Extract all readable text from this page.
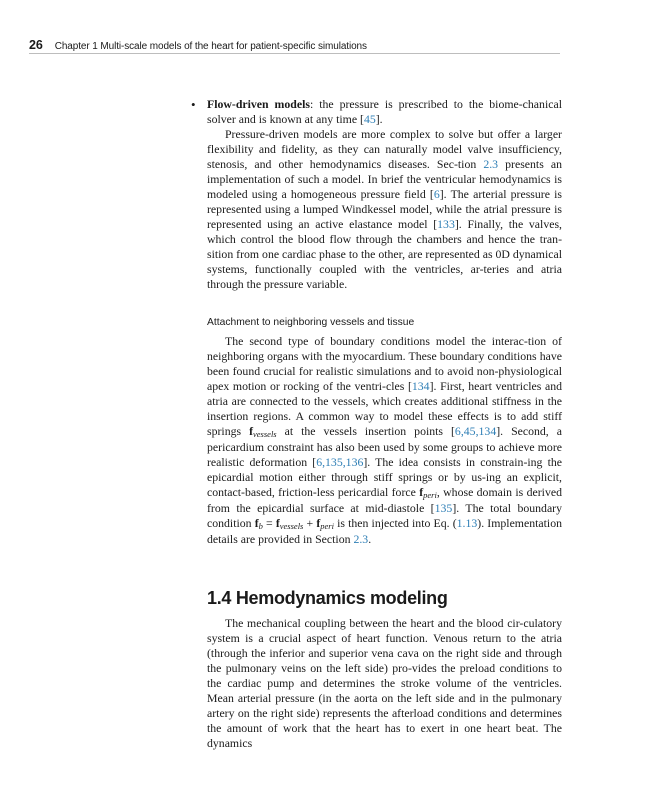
26 Chapter 1 Multi-scale models of the heart for patient-specific simulations
• Flow-driven models: the pressure is prescribed to the biome-chanical solver and is known at any time [45].

Pressure-driven models are more complex to solve but offer a larger flexibility and fidelity, as they can naturally model valve insufficiency, stenosis, and other hemodynamics diseases. Sec-tion 2.3 presents an implementation of such a model. In brief the ventricular hemodynamics is modeled using a homogeneous pressure field [6]. The arterial pressure is represented using a lumped Windkessel model, while the atrial pressure is represented using an active elastance model [133]. Finally, the valves, which control the blood flow through the chambers and hence the tran-sition from one cardiac phase to the other, are represented as 0D dynamical systems, functionally coupled with the ventricles, ar-teries and atria through the pressure variable.

Attachment to neighboring vessels and tissue

The second type of boundary conditions model the interac-tion of neighboring organs with the myocardium. These boundary conditions have been found crucial for realistic simulations and to avoid non-physiological apex motion or rocking of the ventri-cles [134]. First, heart ventricles and atria are connected to the vessels, which creates additional stiffness in the insertion regions. A common way to model these effects is to add stiff springs fvessels at the vessels insertion points [6,45,134]. Second, a pericardium constraint has also been used by some groups to achieve more realistic deformation [6,135,136]. The idea consists in constrain-ing the epicardial motion either through stiff springs or by us-ing an explicit, contact-based, friction-less pericardial force fperi, whose domain is derived from the epicardial surface at mid-diastole [135]. The total boundary condition fb = fvessels + fperi is then injected into Eq. (1.13). Implementation details are provided in Section 2.3.

1.4 Hemodynamics modeling

The mechanical coupling between the heart and the blood cir-culatory system is a crucial aspect of heart function. Venous return to the atria (through the inferior and superior vena cava on the right side and through the pulmonary veins on the left side) pro-vides the preload conditions to the cardiac pump and determines the stroke volume of the ventricles. Mean arterial pressure (in the aorta on the left side and in the pulmonary artery on the right side) represents the afterload conditions and determines the amount of work that the heart has to exert in one heart beat. The dynamics
